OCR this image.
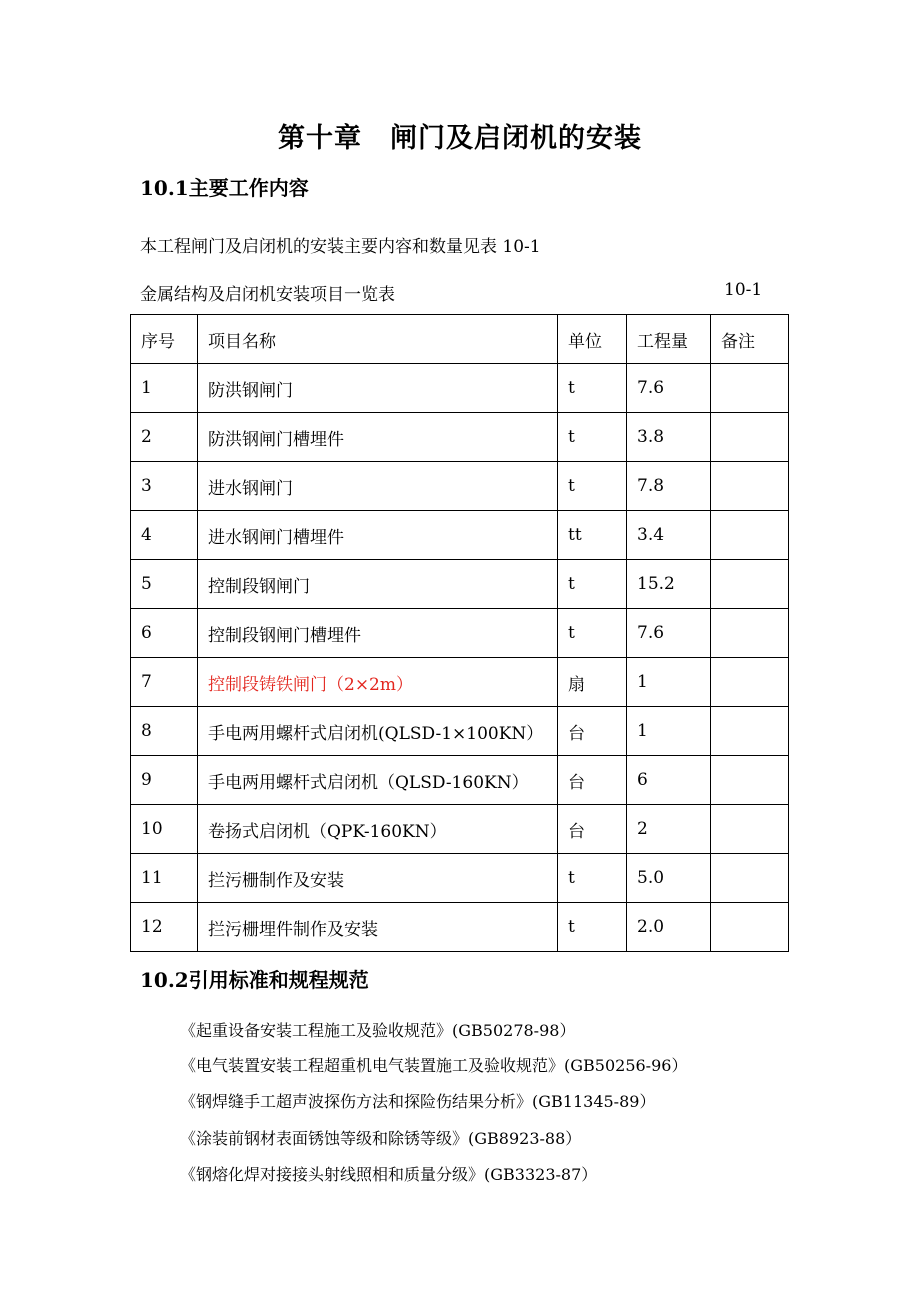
第十章　闸门及启闭机的安装
10.1主要工作内容
本工程闸门及启闭机的安装主要内容和数量见表 10-1
金属结构及启闭机安装项目一览表	10-1
序号	项目名称	单位	工程量	备注
1	防洪钢闸门	t	7.6	
2	防洪钢闸门槽埋件	t	3.8	
3	进水钢闸门	t	7.8	
4	进水钢闸门槽埋件	tt	3.4	
5	控制段钢闸门	t	15.2	
6	控制段钢闸门槽埋件	t	7.6	
7	控制段铸铁闸门（2×2m）	扇	1	
8	手电两用螺杆式启闭机(QLSD-1×100KN）	台	1	
9	手电两用螺杆式启闭机（QLSD-160KN）	台	6	
10	卷扬式启闭机（QPK-160KN）	台	2	
11	拦污栅制作及安装	t	5.0	
12	拦污栅埋件制作及安装	t	2.0	
10.2引用标准和规程规范
《起重设备安装工程施工及验收规范》(GB50278-98）
《电气装置安装工程超重机电气装置施工及验收规范》(GB50256-96）
《钢焊缝手工超声波探伤方法和探险伤结果分析》(GB11345-89）
《涂装前钢材表面锈蚀等级和除锈等级》(GB8923-88）
《钢熔化焊对接接头射线照相和质量分级》(GB3323-87）
